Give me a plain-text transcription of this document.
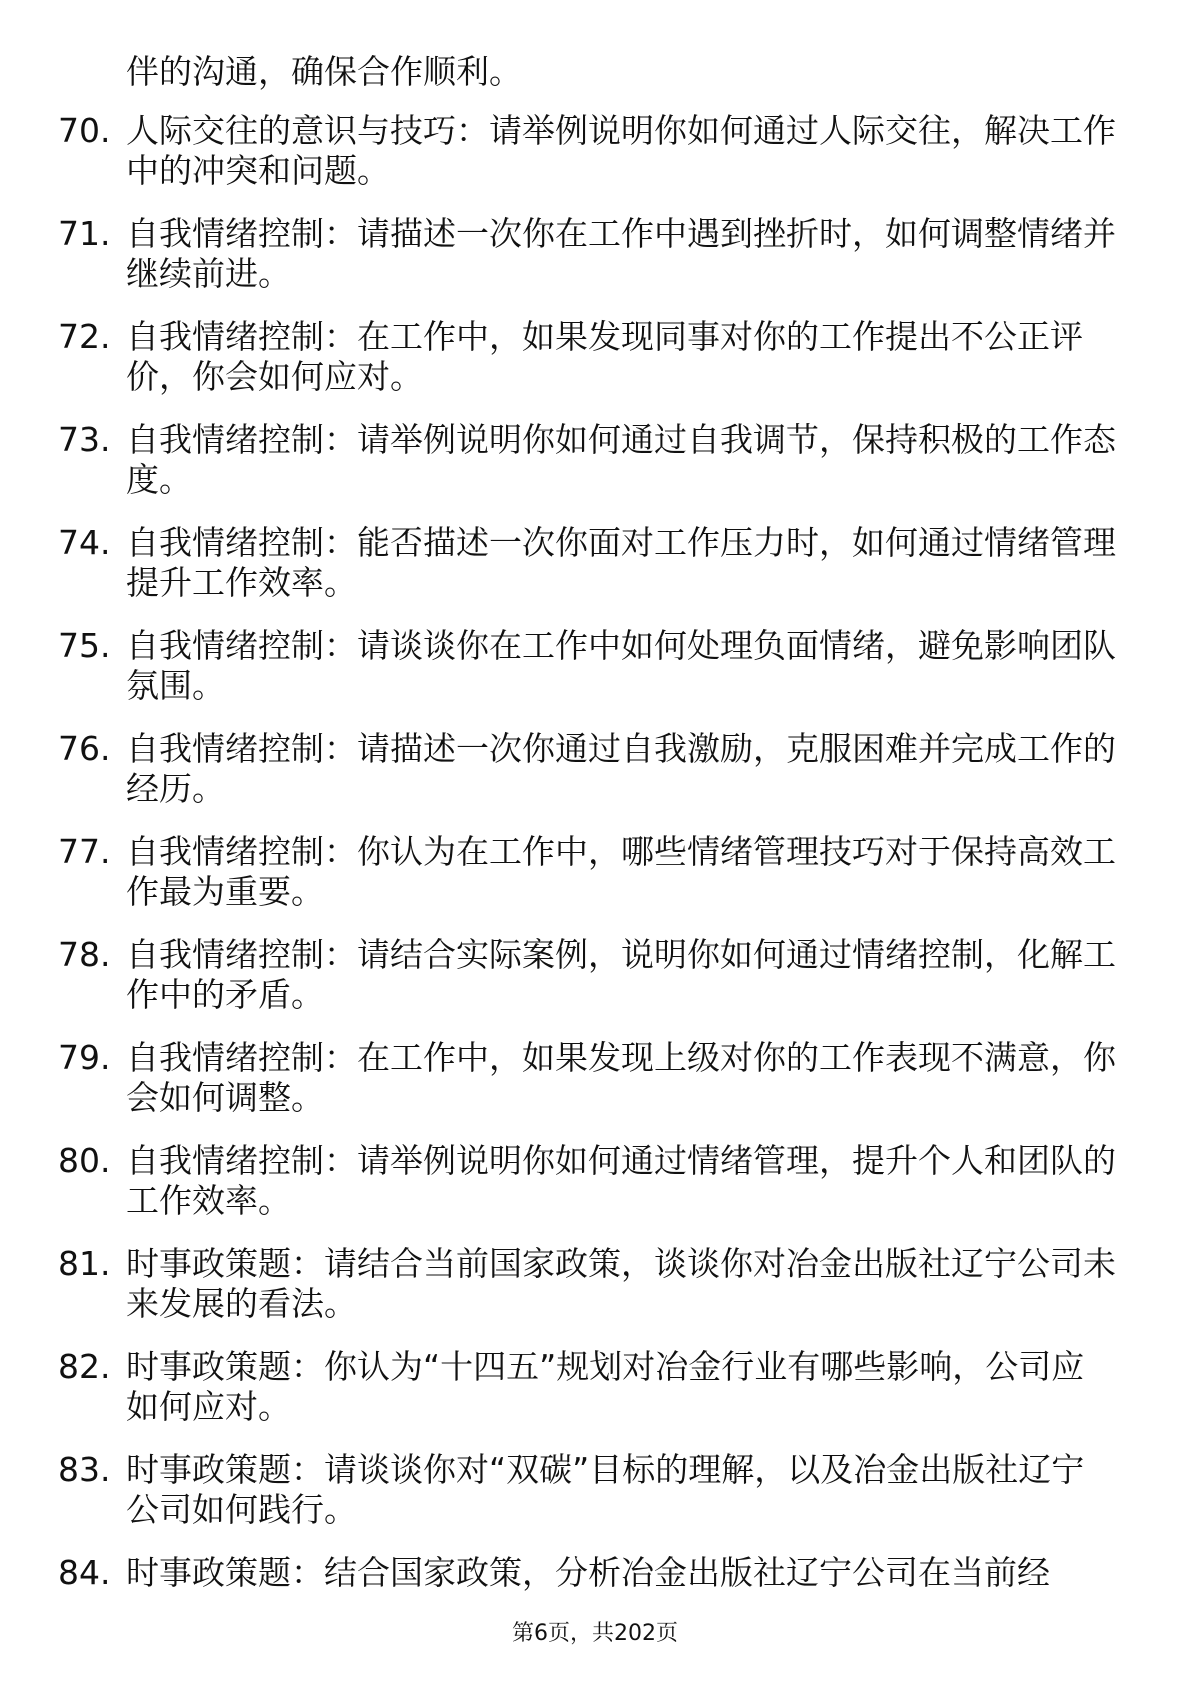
伴的沟通，确保合作顺利。

70. 人际交往的意识与技巧：请举例说明你如何通过人际交往，解决工作中的冲突和问题。
71. 自我情绪控制：请描述一次你在工作中遇到挫折时，如何调整情绪并继续前进。
72. 自我情绪控制：在工作中，如果发现同事对你的工作提出不公正评价，你会如何应对。
73. 自我情绪控制：请举例说明你如何通过自我调节，保持积极的工作态度。
74. 自我情绪控制：能否描述一次你面对工作压力时，如何通过情绪管理提升工作效率。
75. 自我情绪控制：请谈谈你在工作中如何处理负面情绪，避免影响团队氛围。
76. 自我情绪控制：请描述一次你通过自我激励，克服困难并完成工作的经历。
77. 自我情绪控制：你认为在工作中，哪些情绪管理技巧对于保持高效工作最为重要。
78. 自我情绪控制：请结合实际案例，说明你如何通过情绪控制，化解工作中的矛盾。
79. 自我情绪控制：在工作中，如果发现上级对你的工作表现不满意，你会如何调整。
80. 自我情绪控制：请举例说明你如何通过情绪管理，提升个人和团队的工作效率。
81. 时事政策题：请结合当前国家政策，谈谈你对冶金出版社辽宁公司未来发展的看法。
82. 时事政策题：你认为“十四五”规划对冶金行业有哪些影响，公司应如何应对。
83. 时事政策题：请谈谈你对“双碳”目标的理解，以及冶金出版社辽宁公司如何践行。
84. 时事政策题：结合国家政策，分析冶金出版社辽宁公司在当前经
第6页，共202页
